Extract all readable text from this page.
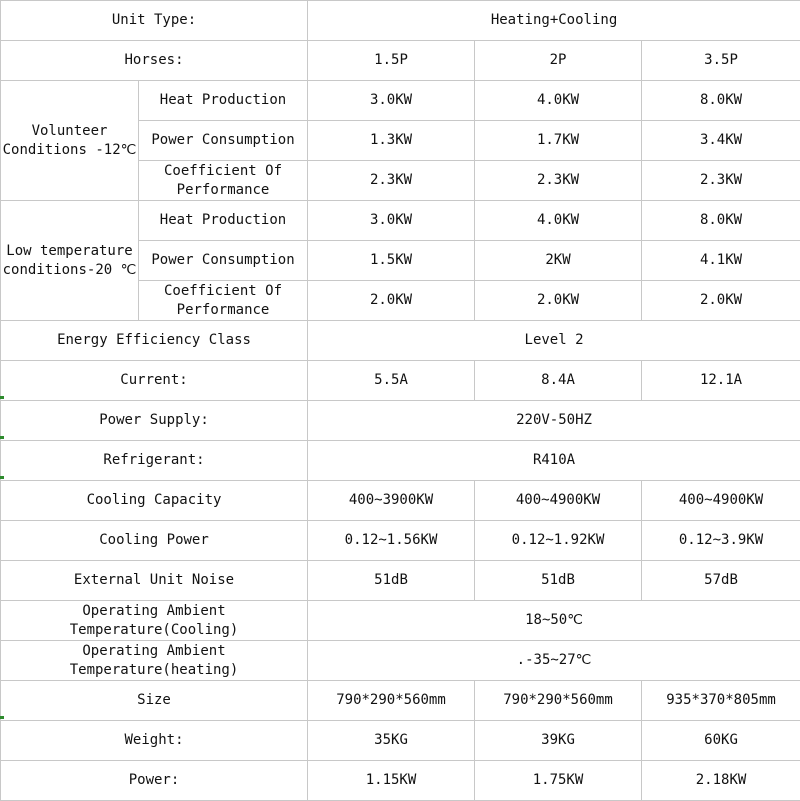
Unit Type:		Heating+Cooling		
Horses:		1.5P	2P	3.5P
Volunteer Conditions -12℃	Heat Production	3.0KW	4.0KW	8.0KW
	Power Consumption	1.3KW	1.7KW	3.4KW
	Coefficient Of Performance	2.3KW	2.3KW	2.3KW
Low temperature conditions-20 ℃	Heat Production	3.0KW	4.0KW	8.0KW
	Power Consumption	1.5KW	2KW	4.1KW
	Coefficient Of Performance	2.0KW	2.0KW	2.0KW
Energy Efficiency Class		Level 2		
Current:		5.5A	8.4A	12.1A
Power Supply:		220V-50HZ		
Refrigerant:		R410A		
Cooling Capacity		400~3900KW	400~4900KW	400~4900KW
Cooling Power		0.12~1.56KW	0.12~1.92KW	0.12~3.9KW
External Unit Noise		51dB	51dB	57dB
Operating Ambient Temperature(Cooling)		18~50℃		
Operating Ambient Temperature(heating)		.-35~27℃		
Size		790*290*560mm	790*290*560mm	935*370*805mm
Weight:		35KG	39KG	60KG
Power:		1.15KW	1.75KW	2.18KW
